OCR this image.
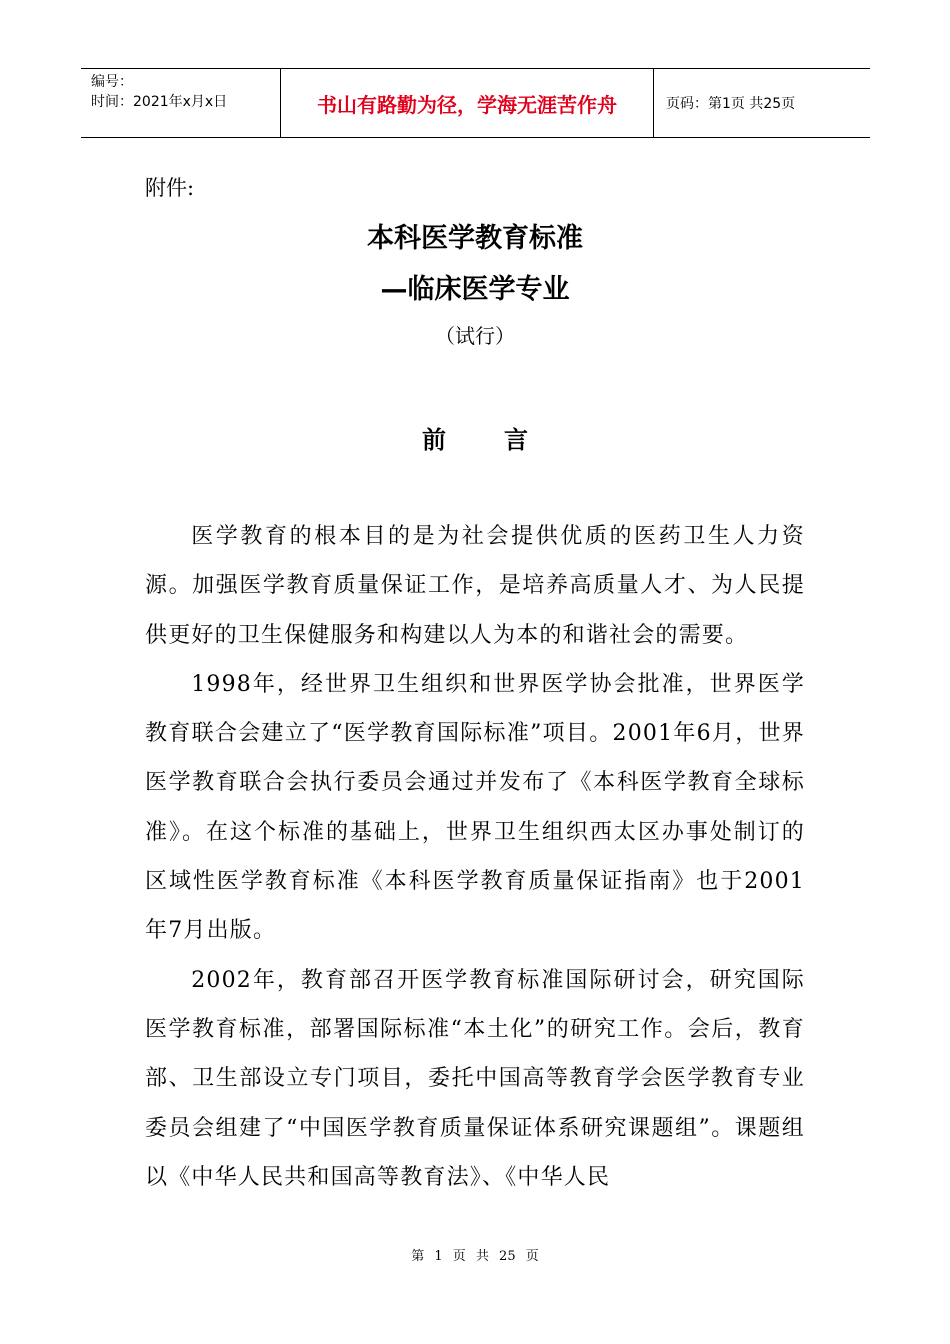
编号：
时间：2021年x月x日	书山有路勤为径，学海无涯苦作舟	页码：第1页 共25页
附件:
本科医学教育标准
—临床医学专业
（试行）
前言

医学教育的根本目的是为社会提供优质的医药卫生人力资源。加强医学教育质量保证工作，是培养高质量人才、为人民提供更好的卫生保健服务和构建以人为本的和谐社会的需要。

1998年，经世界卫生组织和世界医学协会批准，世界医学教育联合会建立了“医学教育国际标准”项目。2001年6月，世界医学教育联合会执行委员会通过并发布了《本科医学教育全球标准》。在这个标准的基础上，世界卫生组织西太区办事处制订的区域性医学教育标准《本科医学教育质量保证指南》也于2001年7月出版。

2002年，教育部召开医学教育标准国际研讨会，研究国际医学教育标准，部署国际标准“本土化”的研究工作。会后，教育部、卫生部设立专门项目，委托中国高等教育学会医学教育专业委员会组建了“中国医学教育质量保证体系研究课题组”。课题组以《中华人民共和国高等教育法》、《中华人民

第 1 页 共 25 页
